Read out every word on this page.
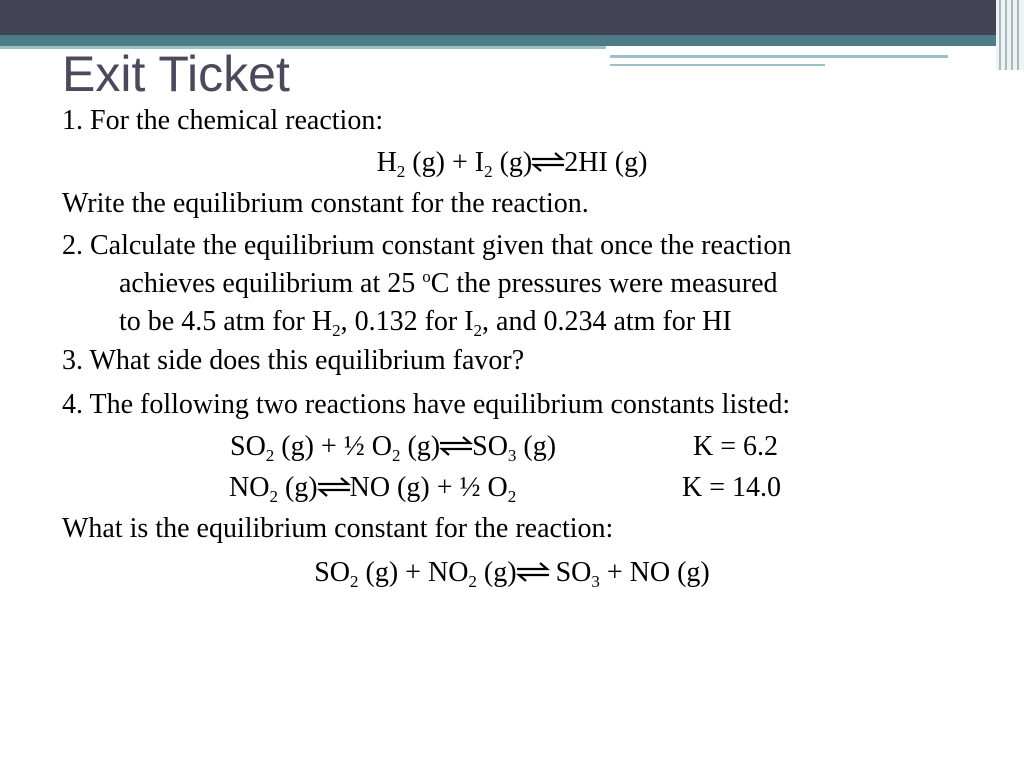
Exit Ticket
1. For the chemical reaction:
$H_2$ $(g) + I_2$ (g) 2HI (g)
Write the equilibrium constant for the reaction.
2. Calculate the equilibrium constant given that once the reaction
achieves equilibrium at 25 $^o$C the pressures were measured
to be 4.5 atm for $H_2$, 0.132 for $I_2$, and 0.234 atm for HI
3. What side does this equilibrium favor?
4. The following two reactions have equilibrium constants listed:
$SO_2$ (g) + ½ $O_2$ (g) $SO_3$ (g)	K = 6.2
$NO_2$ (g) NO (g) + ½ $O_2$	K = 14.0
What is the equilibrium constant for the reaction:
$SO_2$ $(g) + NO_2$ (g)
$SO_3$ + NO (g)
